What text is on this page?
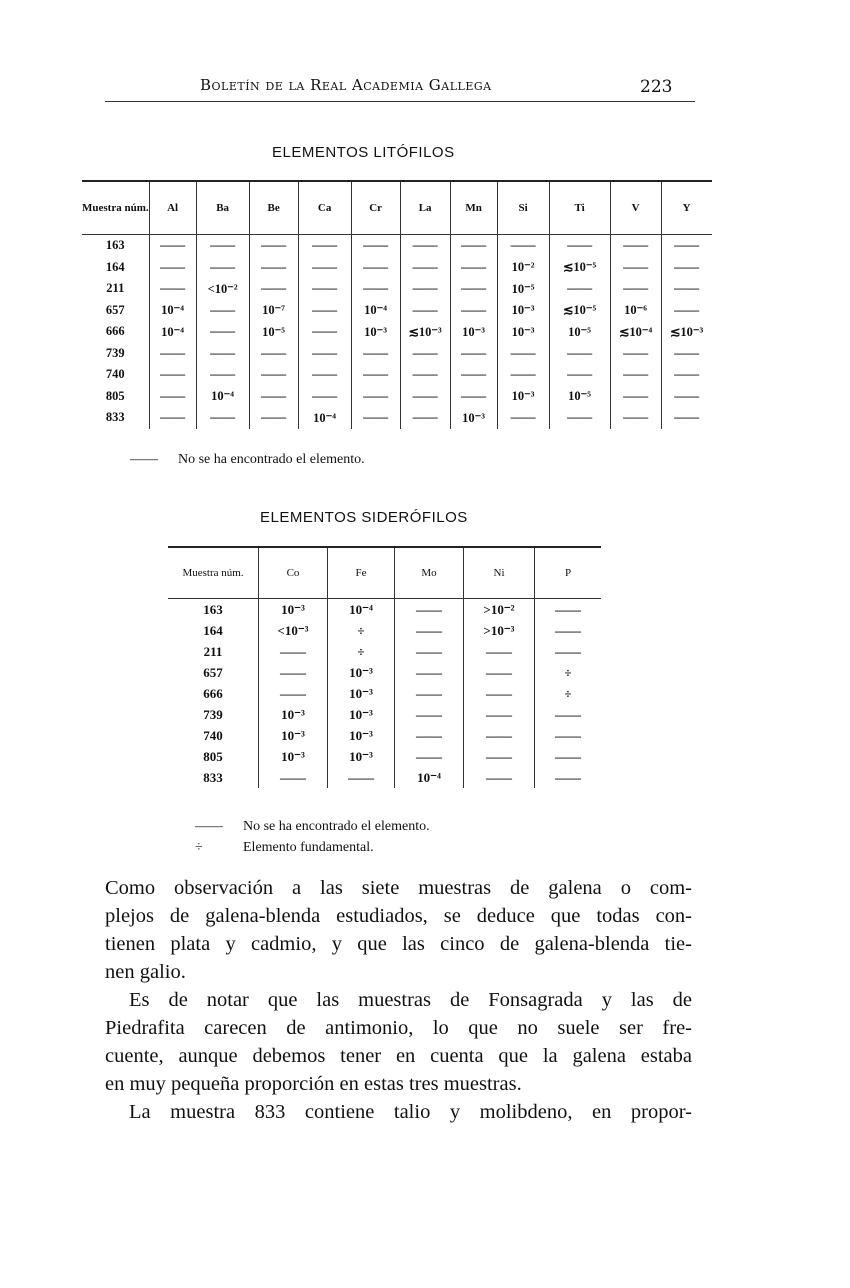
Boletín de la Real Academia Gallega	223
ELEMENTOS LITÓFILOS
Muestra núm.	Al	Ba	Be	Ca	Cr	La	Mn	Si	Ti	V	Y
163	——	——	——	——	——	——	——	——	——	——	——
164	——	——	——	——	——	——	——	10⁻²	≲10⁻⁵	——	——
211	——	<10⁻²	——	——	——	——	——	10⁻⁵	——	——	——
657	10⁻⁴	——	10⁻⁷	——	10⁻⁴	——	——	10⁻³	≲10⁻⁵	10⁻⁶	——
666	10⁻⁴	——	10⁻⁵	——	10⁻³	≲10⁻³	10⁻³	10⁻³	10⁻⁵	≲10⁻⁴	≲10⁻³
739	——	——	——	——	——	——	——	——	——	——	——
740	——	——	——	——	——	——	——	——	——	——	——
805	——	10⁻⁴	——	——	——	——	——	10⁻³	10⁻⁵	——	——
833	——	——	——	10⁻⁴	——	——	10⁻³	——	——	——	——
—— No se ha encontrado el elemento.
ELEMENTOS SIDERÓFILOS
Muestra núm.	Co	Fe	Mo	Ni	P
163	10⁻³	10⁻⁴	——	>10⁻²	——
164	<10⁻³	÷	——	>10⁻³	——
211	——	÷	——	——	——
657	——	10⁻³	——	——	÷
666	——	10⁻³	——	——	÷
739	10⁻³	10⁻³	——	——	——
740	10⁻³	10⁻³	——	——	——
805	10⁻³	10⁻³	——	——	——
833	——	——	10⁻⁴	——	——
—— No se ha encontrado el elemento.
÷	Elemento fundamental.
Como observación a las siete muestras de galena o com-
plejos de galena-blenda estudiados, se deduce que todas con-
tienen plata y cadmio, y que las cinco de galena-blenda tie-
nen galio.
Es de notar que las muestras de Fonsagrada y las de
Piedrafita carecen de antimonio, lo que no suele ser fre-
cuente, aunque debemos tener en cuenta que la galena estaba
en muy pequeña proporción en estas tres muestras.
La muestra 833 contiene talio y molibdeno, en propor-
